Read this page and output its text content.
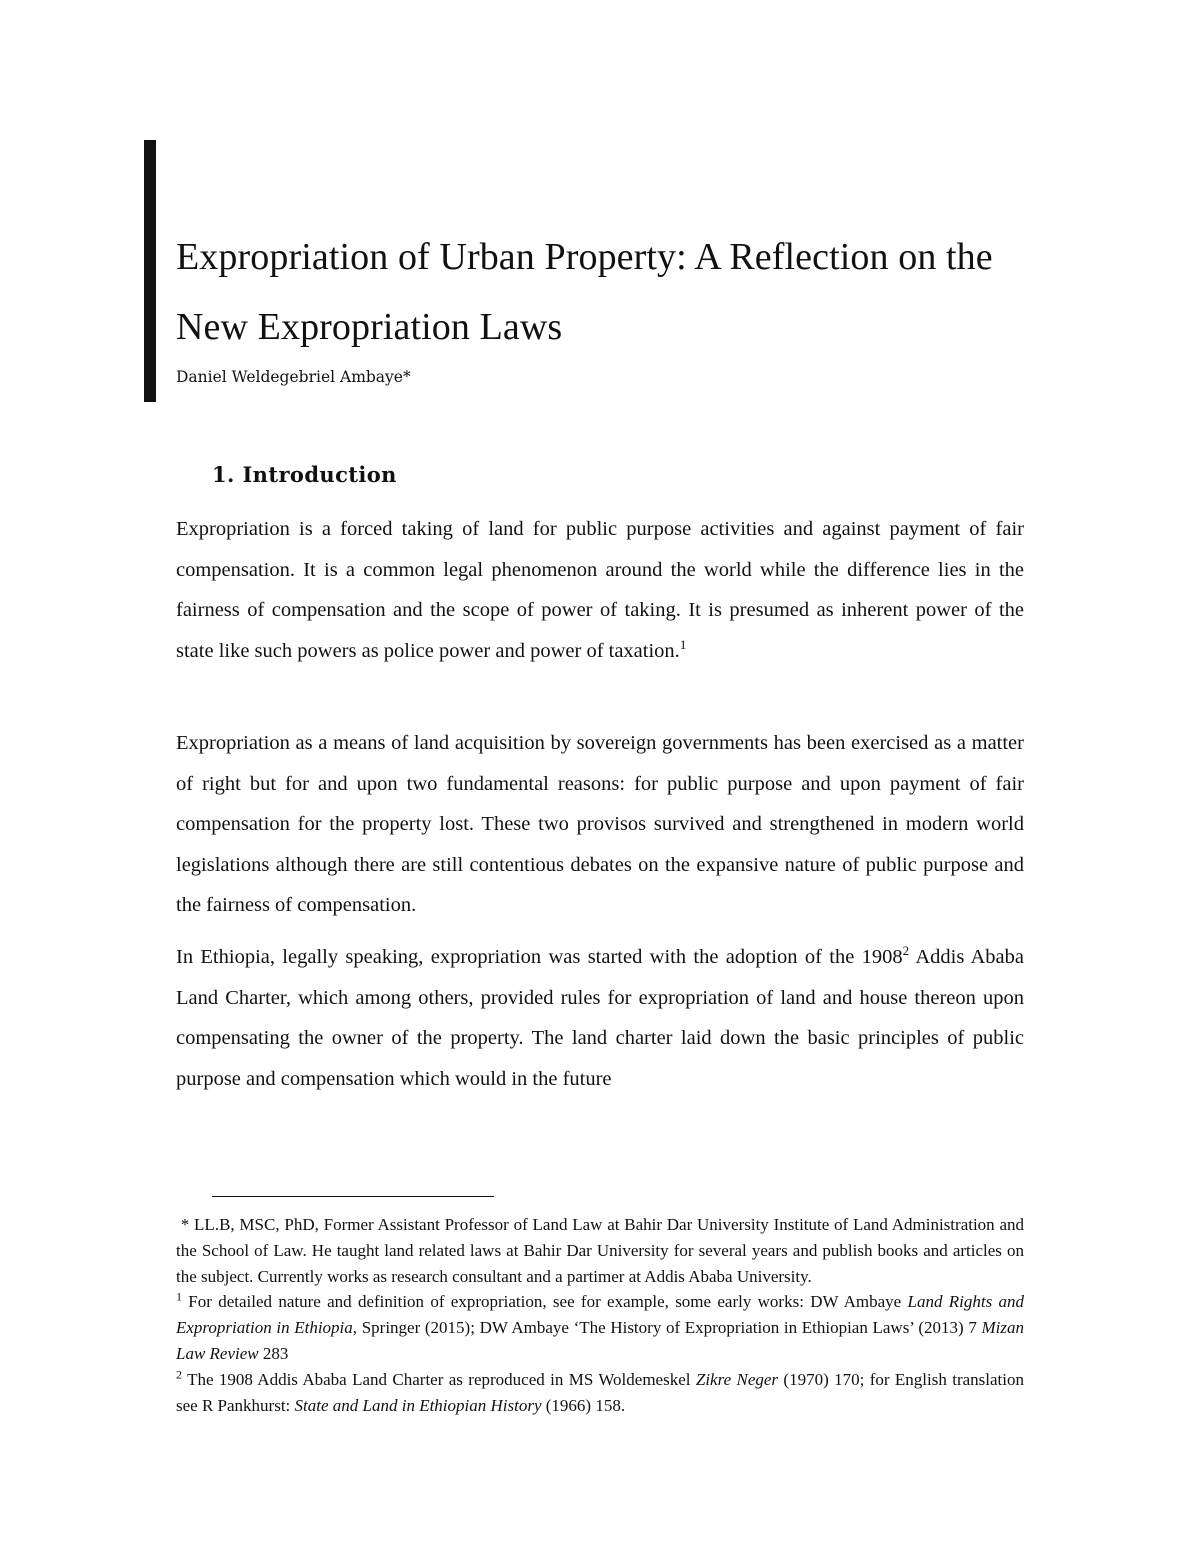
Expropriation of Urban Property: A Reflection on the New Expropriation Laws
Daniel Weldegebriel Ambaye*
1. Introduction

Expropriation is a forced taking of land for public purpose activities and against payment of fair compensation. It is a common legal phenomenon around the world while the difference lies in the fairness of compensation and the scope of power of taking. It is presumed as inherent power of the state like such powers as police power and power of taxation.$^1$

Expropriation as a means of land acquisition by sovereign governments has been exercised as a matter of right but for and upon two fundamental reasons: for public purpose and upon payment of fair compensation for the property lost. These two provisos survived and strengthened in modern world legislations although there are still contentious debates on the expansive nature of public purpose and the fairness of compensation.

In Ethiopia, legally speaking, expropriation was started with the adoption of the 1908$^2$ Addis Ababa Land Charter, which among others, provided rules for expropriation of land and house thereon upon compensating the owner of the property. The land charter laid down the basic principles of public purpose and compensation which would in the future

* LL.B, MSC, PhD, Former Assistant Professor of Land Law at Bahir Dar University Institute of Land Administration and the School of Law. He taught land related laws at Bahir Dar University for several years and publish books and articles on the subject. Currently works as research consultant and a partimer at Addis Ababa University.

$^1$ For detailed nature and definition of expropriation, see for example, some early works: DW Ambaye Land Rights and Expropriation in Ethiopia, Springer (2015); DW Ambaye ‘The History of Expropriation in Ethiopian Laws’ (2013) 7 Mizan Law Review 283

$^2$ The 1908 Addis Ababa Land Charter as reproduced in MS Woldemeskel Zikre Neger (1970) 170; for English translation see R Pankhurst: State and Land in Ethiopian History (1966) 158.
